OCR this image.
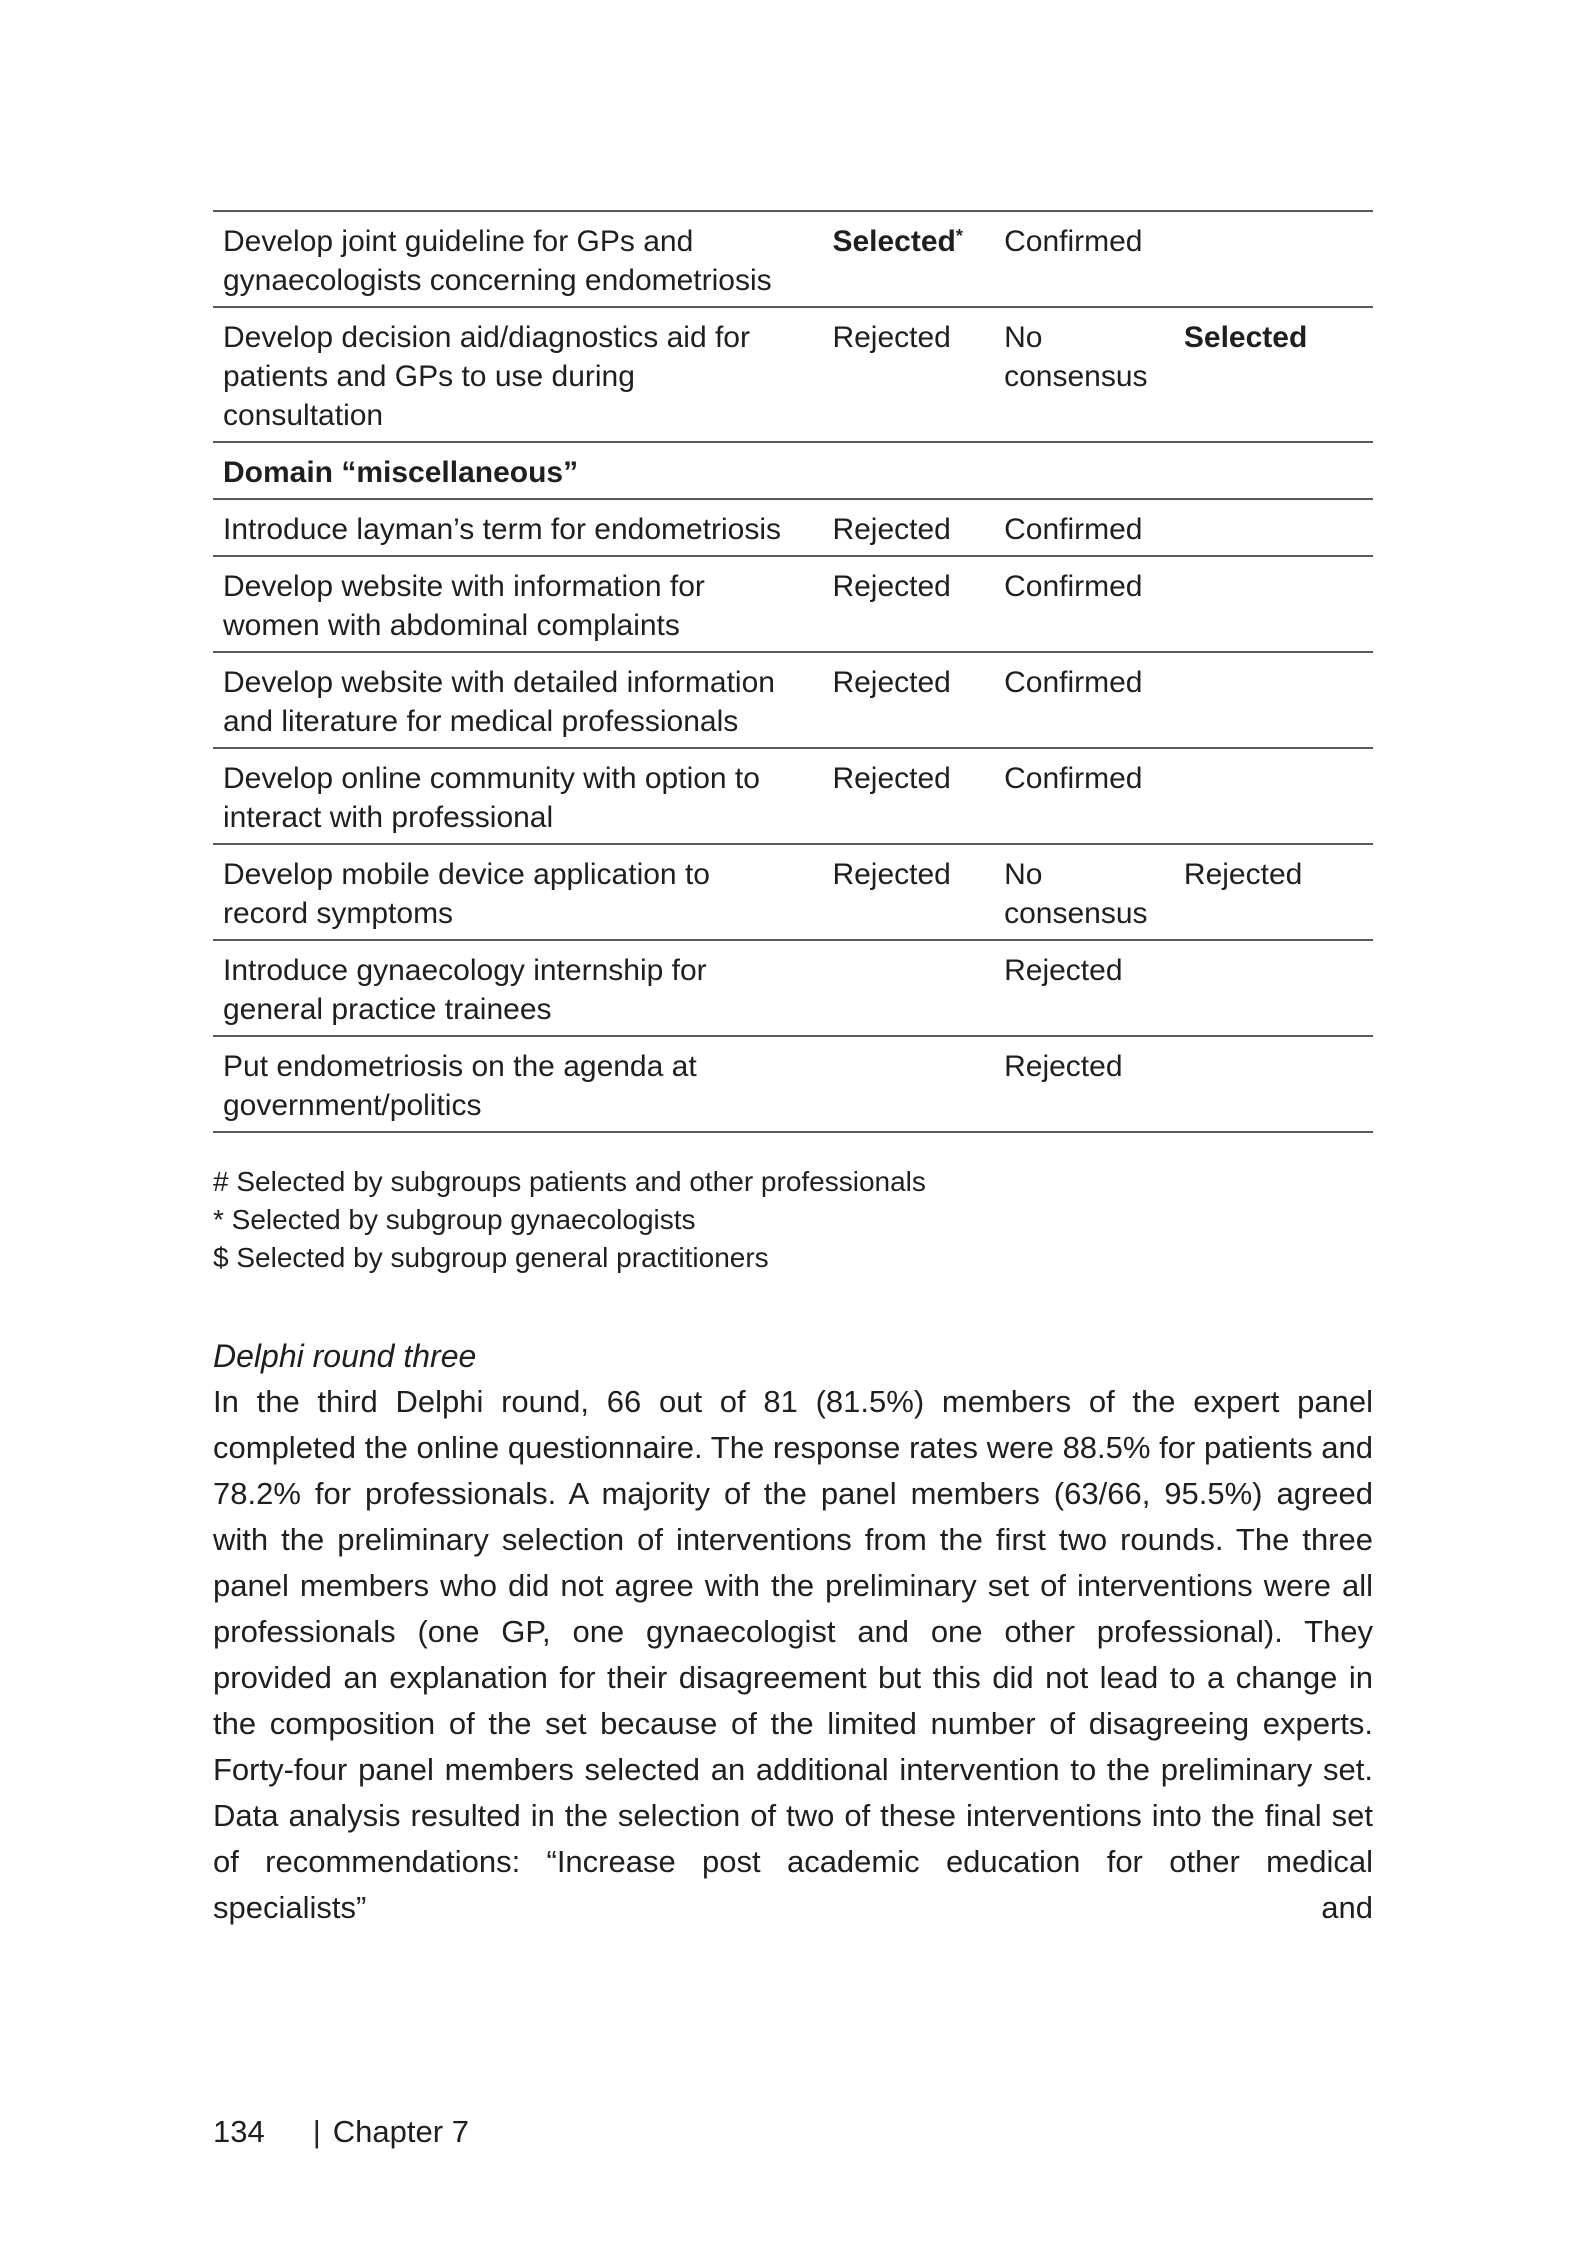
Develop joint guideline for GPs and gynaecologists concerning endometriosis	Selected*	Confirmed	
Develop decision aid/diagnostics aid for patients and GPs to use during consultation	Rejected	No consensus	Selected
Domain “miscellaneous”			
Introduce layman’s term for endometriosis	Rejected	Confirmed	
Develop website with information for women with abdominal complaints	Rejected	Confirmed	
Develop website with detailed information and literature for medical professionals	Rejected	Confirmed	
Develop online community with option to interact with professional	Rejected	Confirmed	
Develop mobile device application to record symptoms	Rejected	No consensus	Rejected
Introduce gynaecology internship for general practice trainees		Rejected	
Put endometriosis on the agenda at government/politics		Rejected	
# Selected by subgroups patients and other professionals
* Selected by subgroup gynaecologists
$ Selected by subgroup general practitioners
Delphi round three
In the third Delphi round, 66 out of 81 (81.5%) members of the expert panel completed the online questionnaire. The response rates were 88.5% for patients and 78.2% for professionals. A majority of the panel members (63/66, 95.5%) agreed with the preliminary selection of interventions from the first two rounds. The three panel members who did not agree with the preliminary set of interventions were all professionals (one GP, one gynaecologist and one other professional). They provided an explanation for their disagreement but this did not lead to a change in the composition of the set because of the limited number of disagreeing experts. Forty-four panel members selected an additional intervention to the preliminary set. Data analysis resulted in the selection of two of these interventions into the final set of recommendations: “Increase post academic education for other medical specialists” and
134 | Chapter 7
